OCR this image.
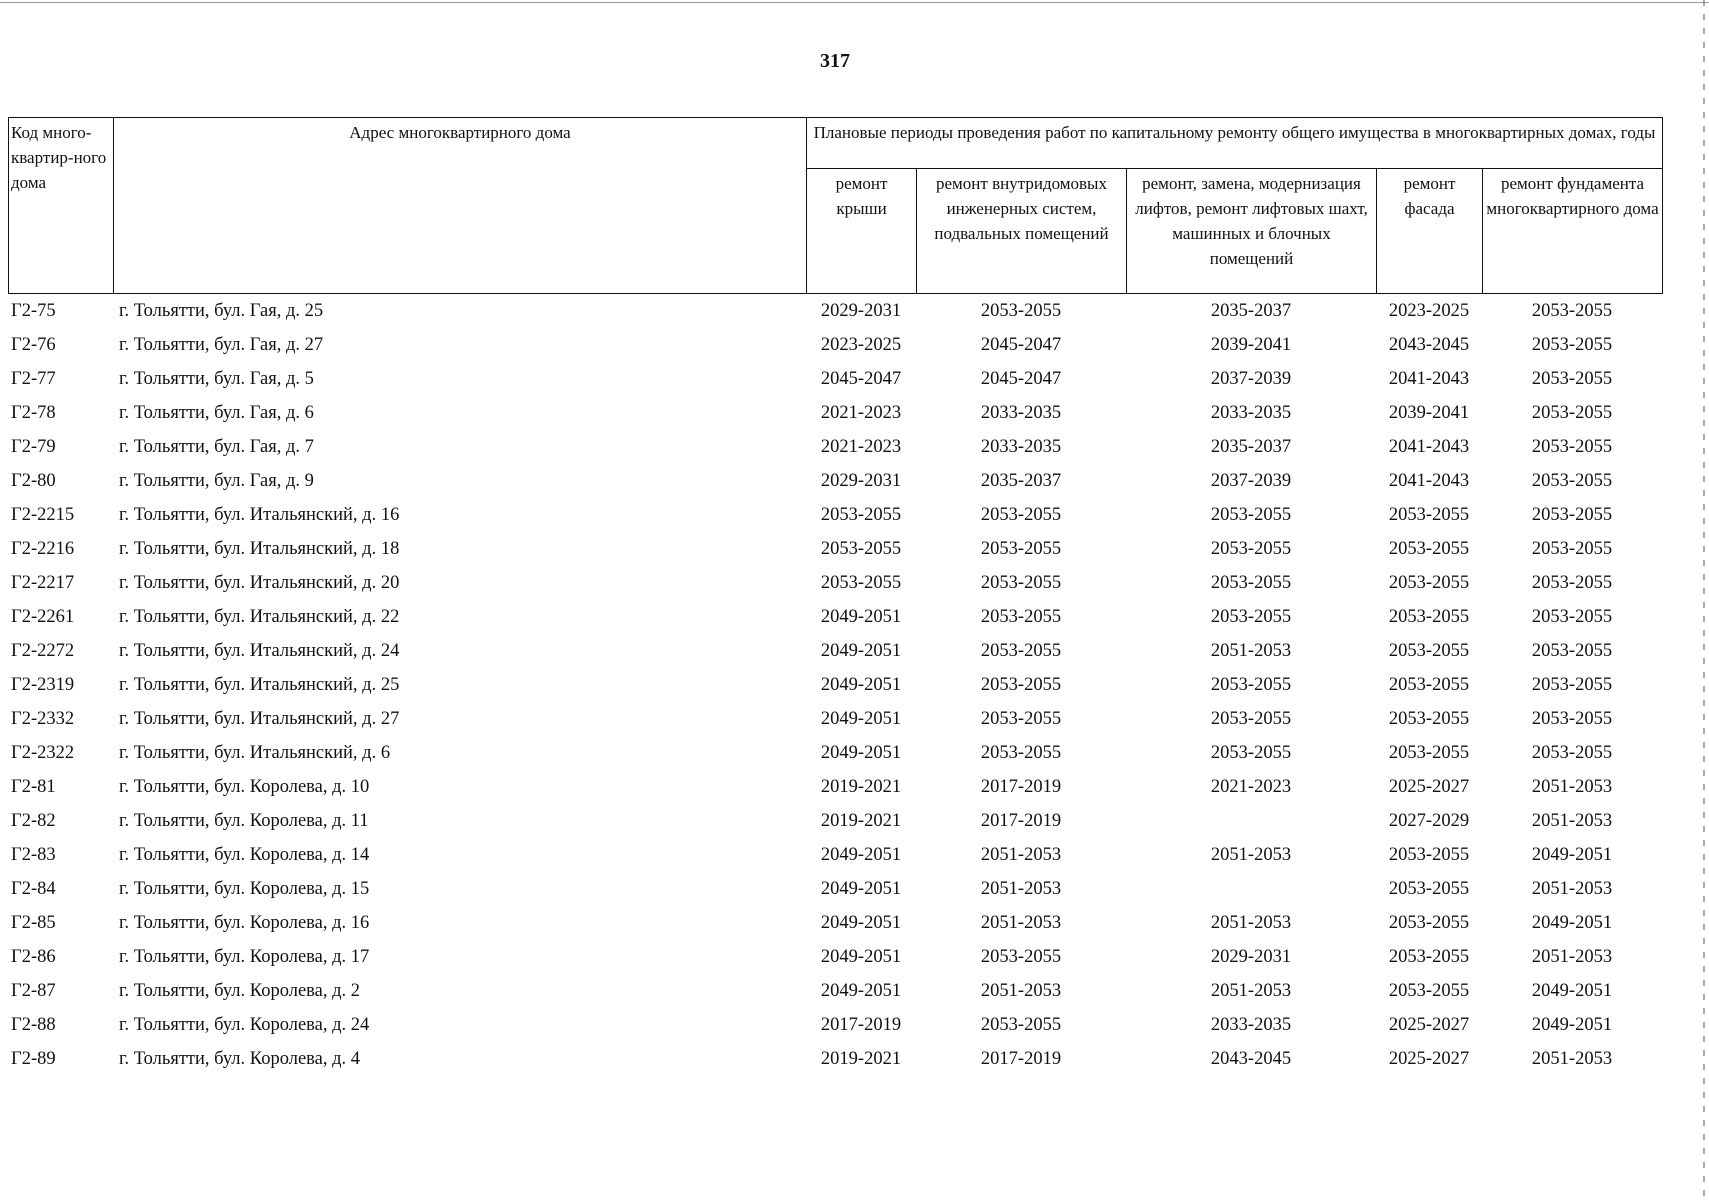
317
Код много-квартир-ного дома	Адрес многоквартирного дома	Плановые периоды проведения работ по капитальному ремонту общего имущества в многоквартирных домах, годы				
		ремонт крыши	ремонт внутридомовых инженерных систем, подвальных помещений	ремонт, замена, модернизация лифтов, ремонт лифтовых шахт, машинных и блочных помещений	ремонт фасада	ремонт фундамента многоквартирного дома
Г2-75	г. Тольятти, бул. Гая, д. 25	2029-2031	2053-2055	2035-2037	2023-2025	2053-2055
Г2-76	г. Тольятти, бул. Гая, д. 27	2023-2025	2045-2047	2039-2041	2043-2045	2053-2055
Г2-77	г. Тольятти, бул. Гая, д. 5	2045-2047	2045-2047	2037-2039	2041-2043	2053-2055
Г2-78	г. Тольятти, бул. Гая, д. 6	2021-2023	2033-2035	2033-2035	2039-2041	2053-2055
Г2-79	г. Тольятти, бул. Гая, д. 7	2021-2023	2033-2035	2035-2037	2041-2043	2053-2055
Г2-80	г. Тольятти, бул. Гая, д. 9	2029-2031	2035-2037	2037-2039	2041-2043	2053-2055
Г2-2215	г. Тольятти, бул. Итальянский, д. 16	2053-2055	2053-2055	2053-2055	2053-2055	2053-2055
Г2-2216	г. Тольятти, бул. Итальянский, д. 18	2053-2055	2053-2055	2053-2055	2053-2055	2053-2055
Г2-2217	г. Тольятти, бул. Итальянский, д. 20	2053-2055	2053-2055	2053-2055	2053-2055	2053-2055
Г2-2261	г. Тольятти, бул. Итальянский, д. 22	2049-2051	2053-2055	2053-2055	2053-2055	2053-2055
Г2-2272	г. Тольятти, бул. Итальянский, д. 24	2049-2051	2053-2055	2051-2053	2053-2055	2053-2055
Г2-2319	г. Тольятти, бул. Итальянский, д. 25	2049-2051	2053-2055	2053-2055	2053-2055	2053-2055
Г2-2332	г. Тольятти, бул. Итальянский, д. 27	2049-2051	2053-2055	2053-2055	2053-2055	2053-2055
Г2-2322	г. Тольятти, бул. Итальянский, д. 6	2049-2051	2053-2055	2053-2055	2053-2055	2053-2055
Г2-81	г. Тольятти, бул. Королева, д. 10	2019-2021	2017-2019	2021-2023	2025-2027	2051-2053
Г2-82	г. Тольятти, бул. Королева, д. 11	2019-2021	2017-2019		2027-2029	2051-2053
Г2-83	г. Тольятти, бул. Королева, д. 14	2049-2051	2051-2053	2051-2053	2053-2055	2049-2051
Г2-84	г. Тольятти, бул. Королева, д. 15	2049-2051	2051-2053		2053-2055	2051-2053
Г2-85	г. Тольятти, бул. Королева, д. 16	2049-2051	2051-2053	2051-2053	2053-2055	2049-2051
Г2-86	г. Тольятти, бул. Королева, д. 17	2049-2051	2053-2055	2029-2031	2053-2055	2051-2053
Г2-87	г. Тольятти, бул. Королева, д. 2	2049-2051	2051-2053	2051-2053	2053-2055	2049-2051
Г2-88	г. Тольятти, бул. Королева, д. 24	2017-2019	2053-2055	2033-2035	2025-2027	2049-2051
Г2-89	г. Тольятти, бул. Королева, д. 4	2019-2021	2017-2019	2043-2045	2025-2027	2051-2053
